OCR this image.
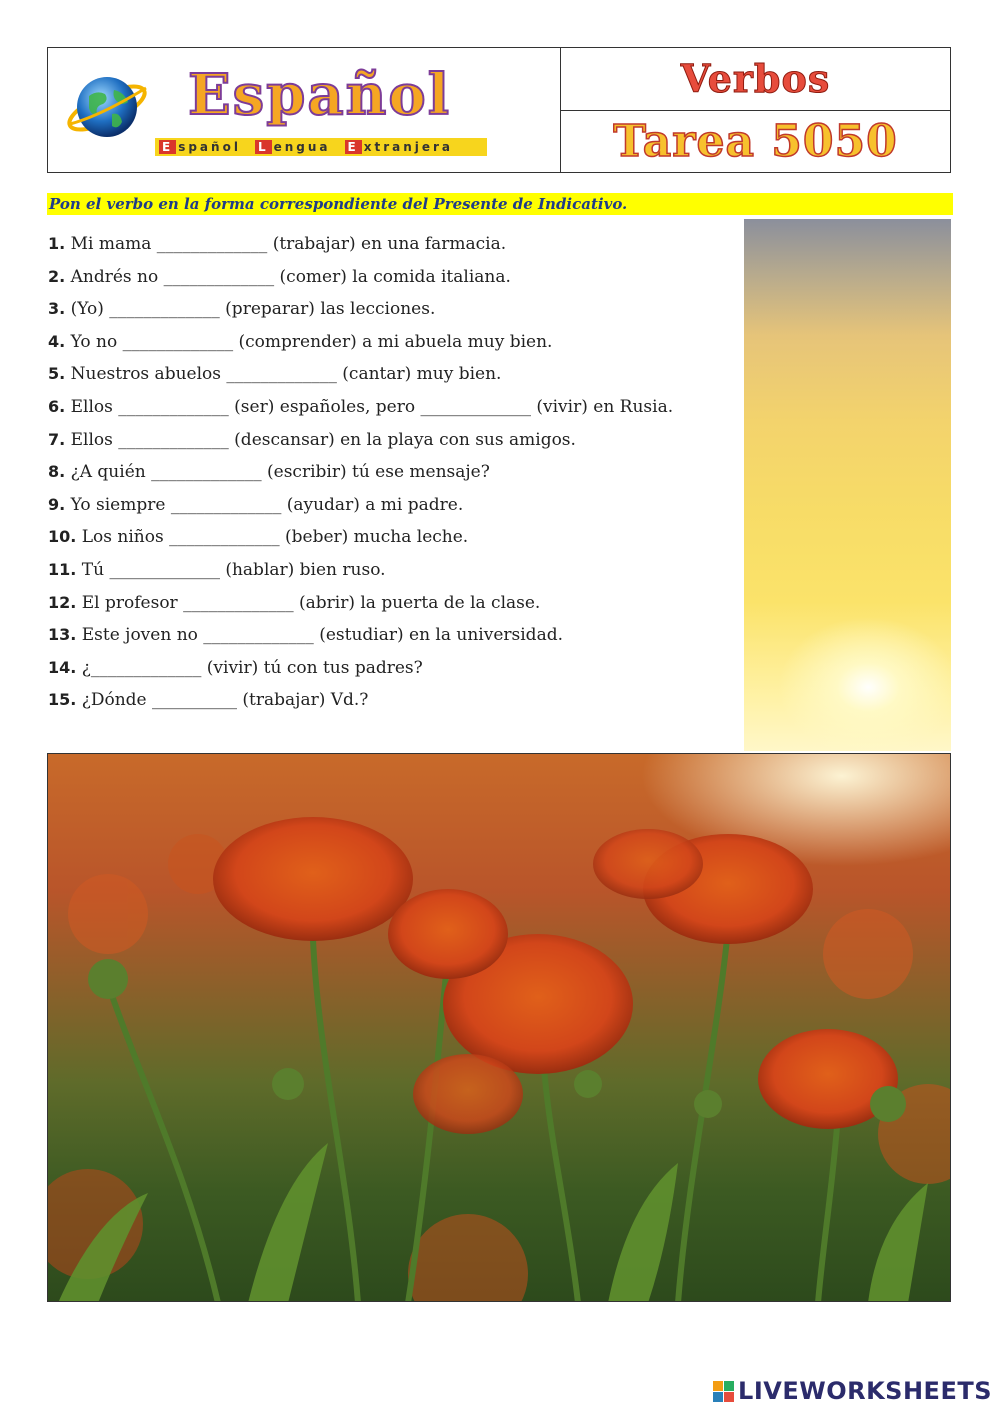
Español
E spañol L engua E xtranjera
Verbos
Tarea 5050
Pon el verbo en la forma correspondiente del Presente de Indicativo.
1. Mi mama _____________ (trabajar) en una farmacia.
2. Andrés no _____________ (comer) la comida italiana.
3. (Yo) _____________ (preparar) las lecciones.
4. Yo no _____________ (comprender) a mi abuela muy bien.
5. Nuestros abuelos _____________ (cantar) muy bien.
6. Ellos _____________ (ser) españoles, pero _____________ (vivir) en Rusia.
7. Ellos _____________ (descansar) en la playa con sus amigos.
8. ¿A quién _____________ (escribir) tú ese mensaje?
9. Yo siempre _____________ (ayudar) a mi padre.
10. Los niños _____________ (beber) mucha leche.
11. Tú _____________ (hablar) bien ruso.
12. El profesor _____________ (abrir) la puerta de la clase.
13. Este joven no _____________ (estudiar) en la universidad.
14. ¿_____________ (vivir) tú con tus padres?
15. ¿Dónde __________ (trabajar) Vd.?
LIVEWORKSHEETS
